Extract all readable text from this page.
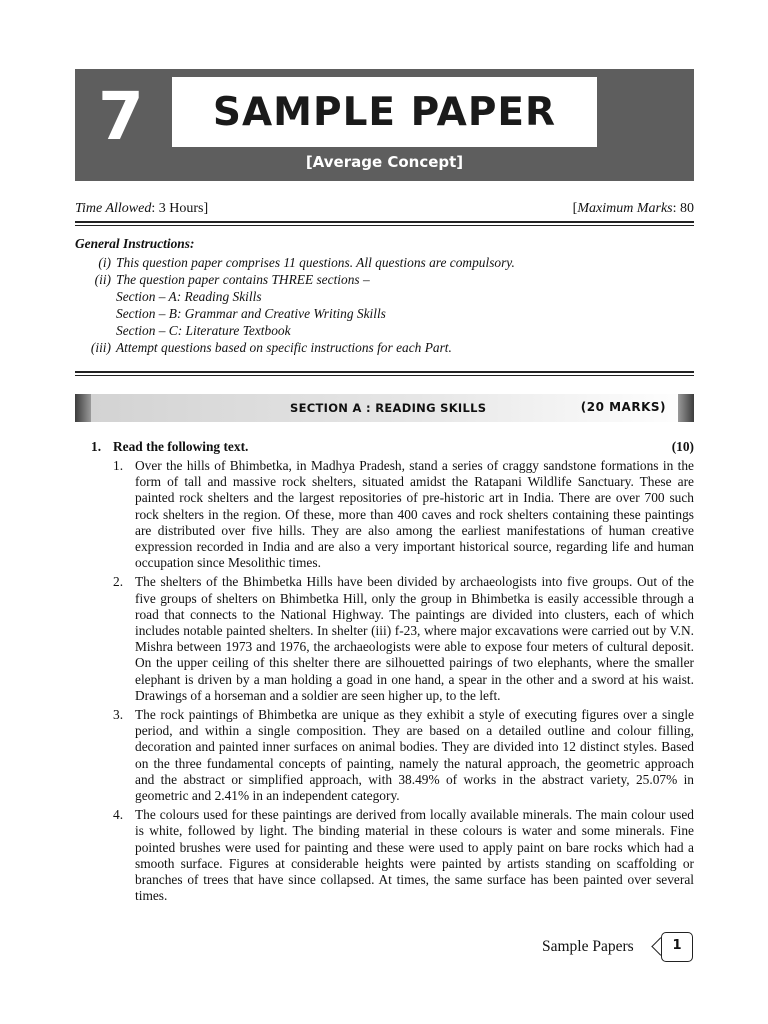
7	SAMPLE PAPER
[Average Concept]
Time Allowed: 3 Hours]	[Maximum Marks: 80
General Instructions:
(i) This question paper comprises 11 questions. All questions are compulsory.
(ii) The question paper contains THREE sections –
Section – A: Reading Skills
Section – B: Grammar and Creative Writing Skills
Section – C: Literature Textbook
(iii) Attempt questions based on specific instructions for each Part.
SECTION A : READING SKILLS	(20 MARKS)
1. Read the following text.	(10)
1. Over the hills of Bhimbetka, in Madhya Pradesh, stand a series of craggy sandstone formations in the form of tall and massive rock shelters, situated amidst the Ratapani Wildlife Sanctuary. These are painted rock shelters and the largest repositories of pre-historic art in India. There are over 700 such rock shelters in the region. Of these, more than 400 caves and rock shelters containing these paintings are distributed over five hills. They are also among the earliest manifestations of human creative expression recorded in India and are also a very important historical source, regarding life and human occupation since Mesolithic times.
2. The shelters of the Bhimbetka Hills have been divided by archaeologists into five groups. Out of the five groups of shelters on Bhimbetka Hill, only the group in Bhimbetka is easily accessible through a road that connects to the National Highway. The paintings are divided into clusters, each of which includes notable painted shelters. In shelter (iii) f-23, where major excavations were carried out by V.N. Mishra between 1973 and 1976, the archaeologists were able to expose four meters of cultural deposit. On the upper ceiling of this shelter there are silhouetted pairings of two elephants, where the smaller elephant is driven by a man holding a goad in one hand, a spear in the other and a sword at his waist. Drawings of a horseman and a soldier are seen higher up, to the left.
3. The rock paintings of Bhimbetka are unique as they exhibit a style of executing figures over a single period, and within a single composition. They are based on a detailed outline and colour filling, decoration and painted inner surfaces on animal bodies. They are divided into 12 distinct styles. Based on the three fundamental concepts of painting, namely the natural approach, the geometric approach and the abstract or simplified approach, with 38.49% of works in the abstract variety, 25.07% in geometric and 2.41% in an independent category.
4. The colours used for these paintings are derived from locally available minerals. The main colour used is white, followed by light. The binding material in these colours is water and some minerals. Fine pointed brushes were used for painting and these were used to apply paint on bare rocks which had a smooth surface. Figures at considerable heights were painted by artists standing on scaffolding or branches of trees that have since collapsed. At times, the same surface has been painted over several times.
Sample Papers	1
